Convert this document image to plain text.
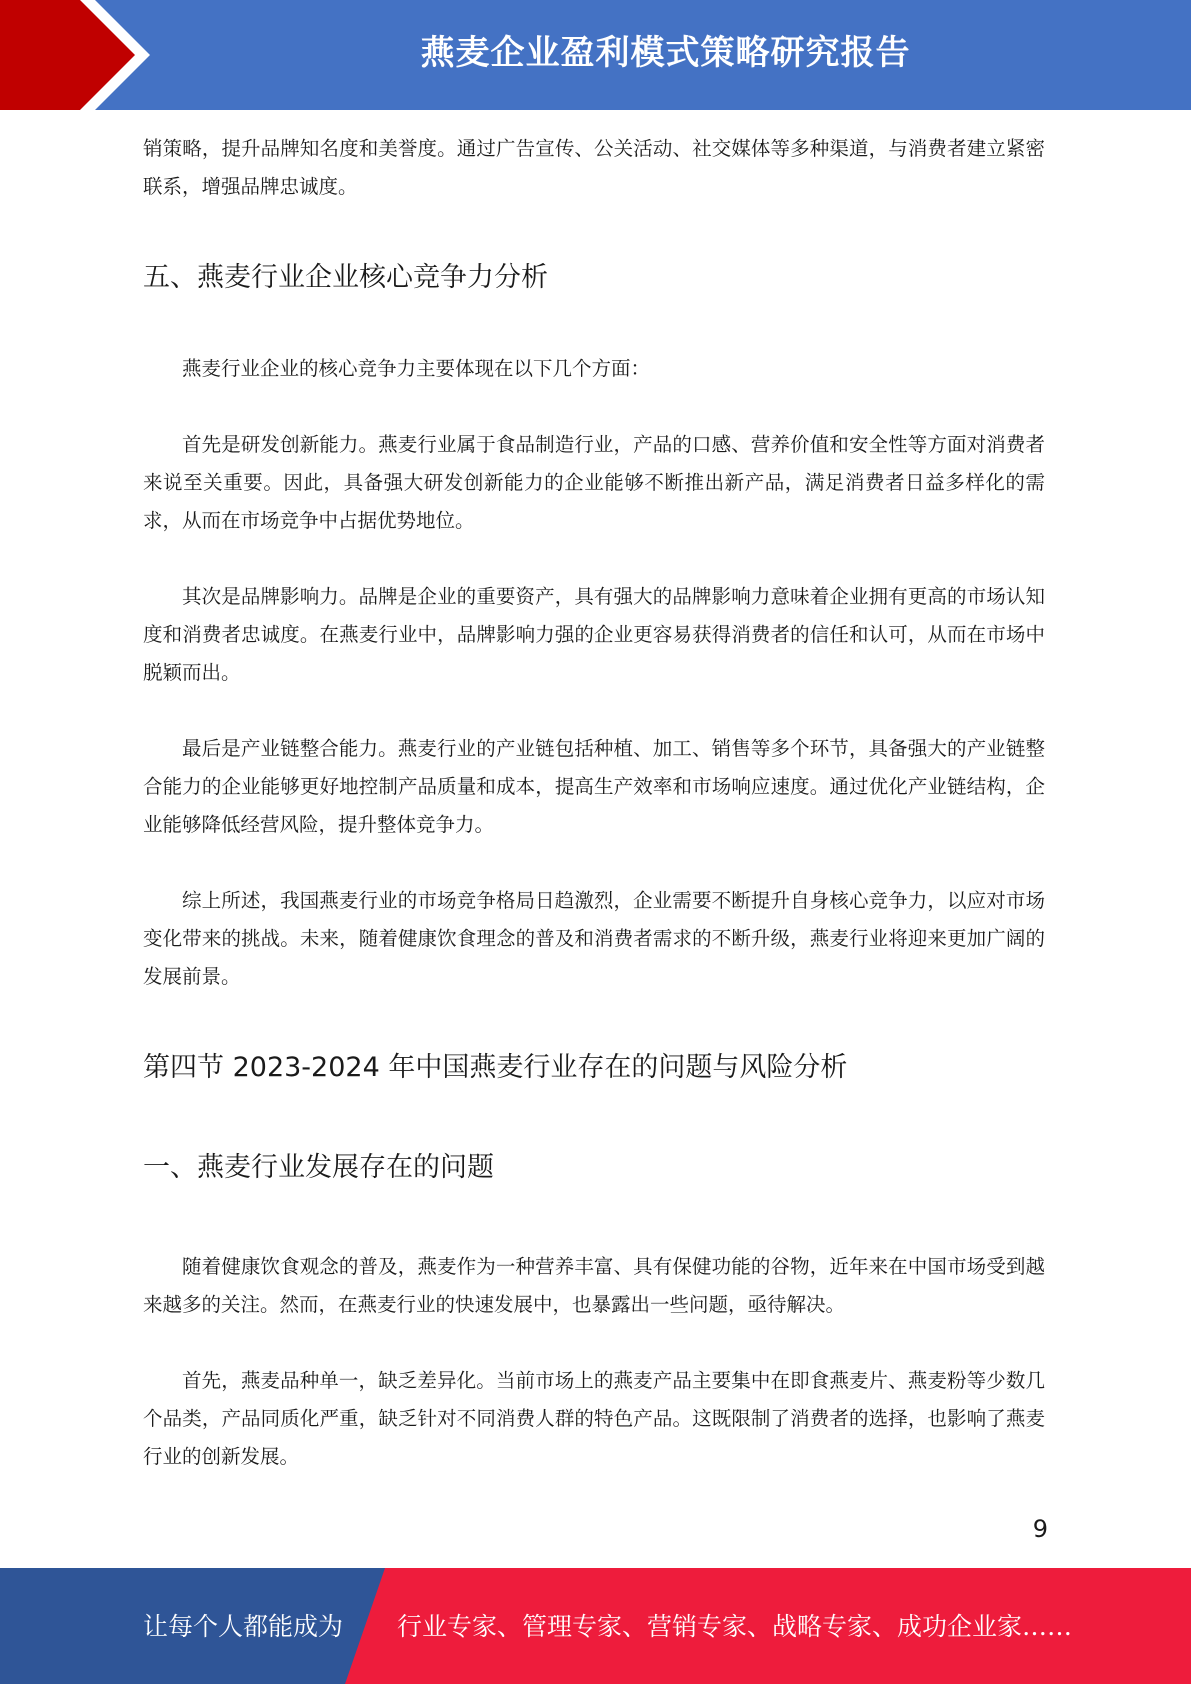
燕麦企业盈利模式策略研究报告

销策略，提升品牌知名度和美誉度。通过广告宣传、公关活动、社交媒体等多种渠道，与消费者建立紧密联系，增强品牌忠诚度。

五、燕麦行业企业核心竞争力分析

燕麦行业企业的核心竞争力主要体现在以下几个方面：

首先是研发创新能力。燕麦行业属于食品制造行业，产品的口感、营养价值和安全性等方面对消费者来说至关重要。因此，具备强大研发创新能力的企业能够不断推出新产品，满足消费者日益多样化的需求，从而在市场竞争中占据优势地位。

其次是品牌影响力。品牌是企业的重要资产，具有强大的品牌影响力意味着企业拥有更高的市场认知度和消费者忠诚度。在燕麦行业中，品牌影响力强的企业更容易获得消费者的信任和认可，从而在市场中脱颖而出。

最后是产业链整合能力。燕麦行业的产业链包括种植、加工、销售等多个环节，具备强大的产业链整合能力的企业能够更好地控制产品质量和成本，提高生产效率和市场响应速度。通过优化产业链结构，企业能够降低经营风险，提升整体竞争力。

综上所述，我国燕麦行业的市场竞争格局日趋激烈，企业需要不断提升自身核心竞争力，以应对市场变化带来的挑战。未来，随着健康饮食理念的普及和消费者需求的不断升级，燕麦行业将迎来更加广阔的发展前景。

第四节 2023-2024 年中国燕麦行业存在的问题与风险分析
一、燕麦行业发展存在的问题

随着健康饮食观念的普及，燕麦作为一种营养丰富、具有保健功能的谷物，近年来在中国市场受到越来越多的关注。然而，在燕麦行业的快速发展中，也暴露出一些问题，亟待解决。

首先，燕麦品种单一，缺乏差异化。当前市场上的燕麦产品主要集中在即食燕麦片、燕麦粉等少数几个品类，产品同质化严重，缺乏针对不同消费人群的特色产品。这既限制了消费者的选择，也影响了燕麦行业的创新发展。

9
让每个人都能成为 行业专家、管理专家、营销专家、战略专家、成功企业家……
